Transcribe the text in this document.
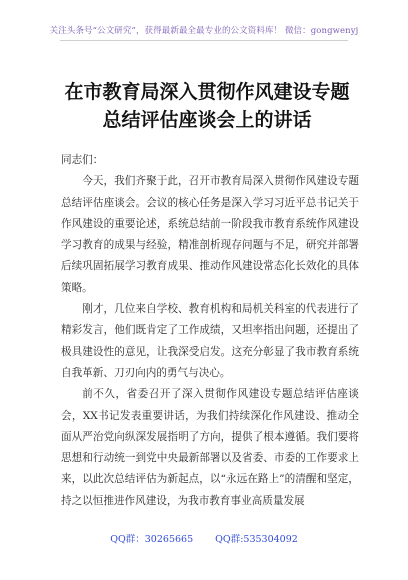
关注头条号“公文研究”，获得最新最全最专业的公文资料库！ 微信：gongwenyj
在市教育局深入贯彻作风建设专题总结评估座谈会上的讲话

同志们：

今天，我们齐聚于此，召开市教育局深入贯彻作风建设专题总结评估座谈会。会议的核心任务是深入学习习近平总书记关于作风建设的重要论述，系统总结前一阶段我市教育系统作风建设学习教育的成果与经验，精准剖析现存问题与不足，研究并部署后续巩固拓展学习教育成果、推动作风建设常态化长效化的具体策略。

刚才，几位来自学校、教育机构和局机关科室的代表进行了精彩发言，他们既肯定了工作成绩，又坦率指出问题，还提出了极具建设性的意见，让我深受启发。这充分彰显了我市教育系统自我革新、刀刃向内的勇气与决心。

前不久，省委召开了深入贯彻作风建设专题总结评估座谈会，XX书记发表重要讲话，为我们持续深化作风建设、推动全面从严治党向纵深发展指明了方向，提供了根本遵循。我们要将思想和行动统一到党中央最新部署以及省委、市委的工作要求上来，以此次总结评估为新起点，以“永远在路上”的清醒和坚定，持之以恒推进作风建设，为我市教育事业高质量发展

QQ群：30265665 QQ群:535304092
